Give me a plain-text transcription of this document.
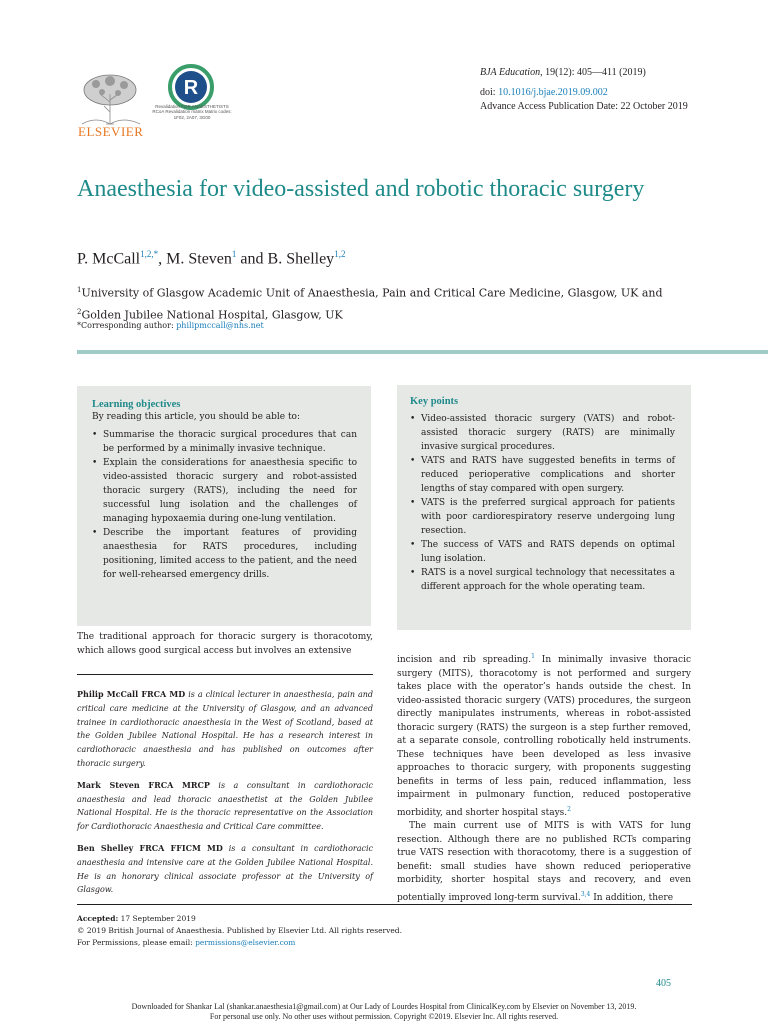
ELSEVIER
R
Revalidation FOR ANAESTHETISTS RCoA Revalidation matrix Matrix codes: 1F02, 2A07, 3G00
BJA Education, 19(12): 405—411 (2019)
doi: 10.1016/j.bjae.2019.09.002
Advance Access Publication Date: 22 October 2019
Anaesthesia for video-assisted and robotic thoracic surgery
P. McCall$^{1,2,*}$, M. Steven$^1$ and B. Shelley$^{1,2}$
$^1$University of Glasgow Academic Unit of Anaesthesia, Pain and Critical Care Medicine, Glasgow, UK and
$^2$Golden Jubilee National Hospital, Glasgow, UK
*Corresponding author: philipmccall@nhs.net
Learning objectives
By reading this article, you should be able to:
• Summarise the thoracic surgical procedures that can be performed by a minimally invasive technique.
• Explain the considerations for anaesthesia specific to video-assisted thoracic surgery and robot-assisted thoracic surgery (RATS), including the need for successful lung isolation and the challenges of managing hypoxaemia during one-lung ventilation.
• Describe the important features of providing anaesthesia for RATS procedures, including positioning, limited access to the patient, and the need for well-rehearsed emergency drills.
Key points
• Video-assisted thoracic surgery (VATS) and robot-assisted thoracic surgery (RATS) are minimally invasive surgical procedures.
• VATS and RATS have suggested benefits in terms of reduced perioperative complications and shorter lengths of stay compared with open surgery.
• VATS is the preferred surgical approach for patients with poor cardiorespiratory reserve undergoing lung resection.
• The success of VATS and RATS depends on optimal lung isolation.
• RATS is a novel surgical technology that necessitates a different approach for the whole operating team.
The traditional approach for thoracic surgery is thoracotomy, which allows good surgical access but involves an extensive

Philip McCall FRCA MD is a clinical lecturer in anaesthesia, pain and critical care medicine at the University of Glasgow, and an advanced trainee in cardiothoracic anaesthesia in the West of Scotland, based at the Golden Jubilee National Hospital. He has a research interest in cardiothoracic anaesthesia and has published on outcomes after thoracic surgery.

Mark Steven FRCA MRCP is a consultant in cardiothoracic anaesthesia and lead thoracic anaesthetist at the Golden Jubilee National Hospital. He is the thoracic representative on the Association for Cardiothoracic Anaesthesia and Critical Care committee.

Ben Shelley FRCA FFICM MD is a consultant in cardiothoracic anaesthesia and intensive care at the Golden Jubilee National Hospital. He is an honorary clinical associate professor at the University of Glasgow.

incision and rib spreading.$^1$ In minimally invasive thoracic surgery (MITS), thoracotomy is not performed and surgery takes place with the operator’s hands outside the chest. In video-assisted thoracic surgery (VATS) procedures, the surgeon directly manipulates instruments, whereas in robot-assisted thoracic surgery (RATS) the surgeon is a step further removed, at a separate console, controlling robotically held instruments. These techniques have been developed as less invasive approaches to thoracic surgery, with proponents suggesting benefits in terms of less pain, reduced inflammation, less impairment in pulmonary function, reduced postoperative morbidity, and shorter hospital stays.$^2$

The main current use of MITS is with VATS for lung resection. Although there are no published RCTs comparing true VATS resection with thoracotomy, there is a suggestion of benefit: small studies have shown reduced perioperative morbidity, shorter hospital stays and recovery, and even potentially improved long-term survival.$^{3,4}$ In addition, there

Accepted: 17 September 2019
© 2019 British Journal of Anaesthesia. Published by Elsevier Ltd. All rights reserved.
For Permissions, please email: permissions@elsevier.com
405
Downloaded for Shankar Lal (shankar.anaesthesia1@gmail.com) at Our Lady of Lourdes Hospital from ClinicalKey.com by Elsevier on November 13, 2019.
For personal use only. No other uses without permission. Copyright ©2019. Elsevier Inc. All rights reserved.
